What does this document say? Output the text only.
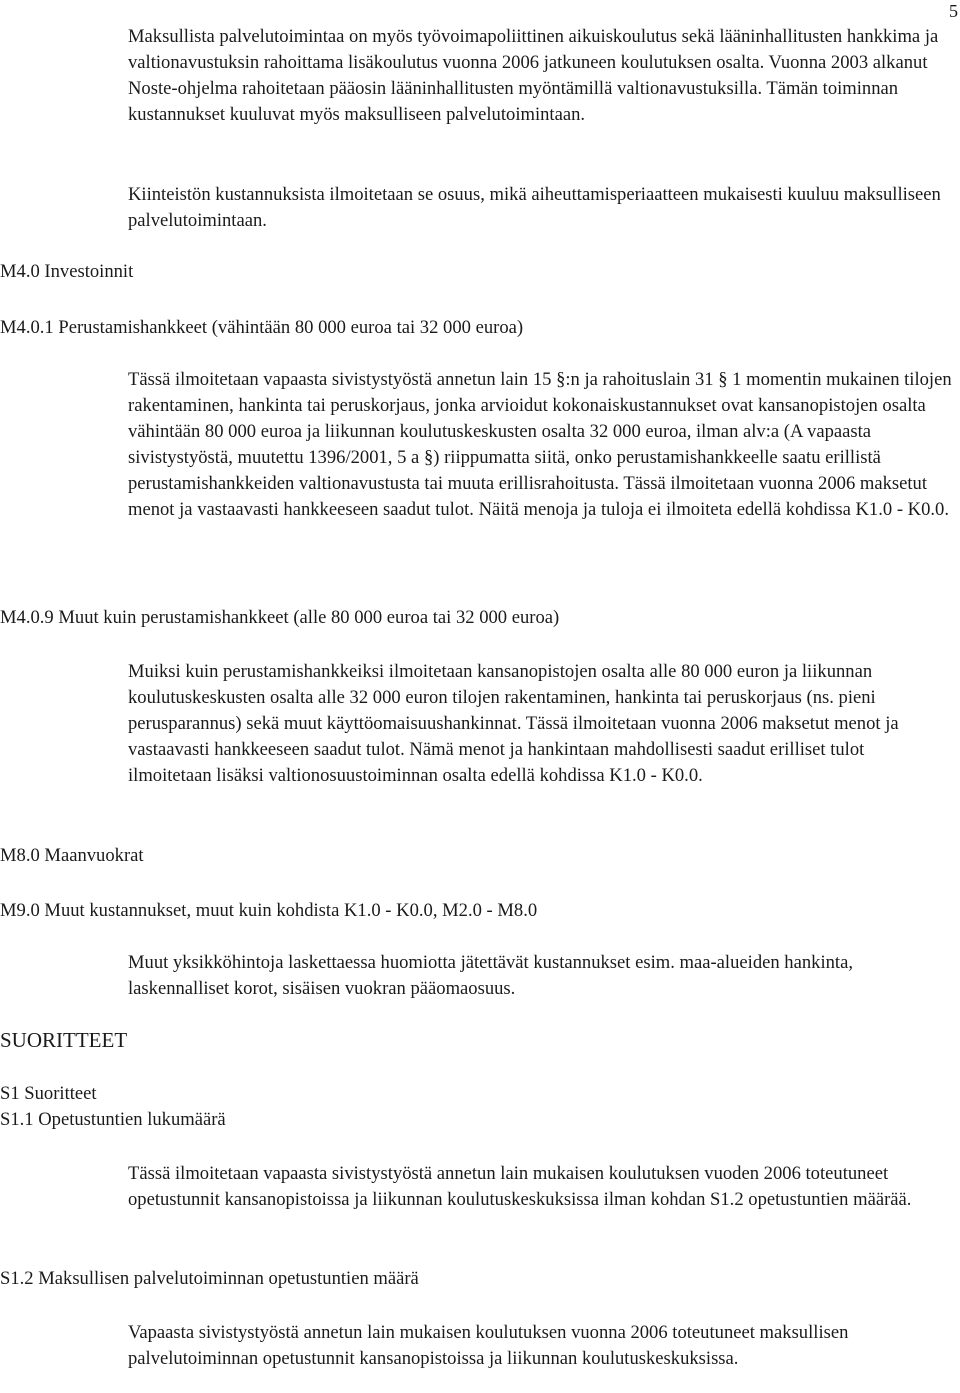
5

Maksullista palvelutoimintaa on myös työvoimapoliittinen aikuiskoulutus sekä lääninhallitusten hankkima ja valtionavustuksin rahoittama lisäkoulutus vuonna 2006 jatkuneen koulutuksen osalta. Vuonna 2003 alkanut Noste-ohjelma rahoitetaan pääosin lääninhallitusten myöntämillä valtionavustuksilla. Tämän toiminnan kustannukset kuuluvat myös maksulliseen palvelutoimintaan.

Kiinteistön kustannuksista ilmoitetaan se osuus, mikä aiheuttamisperiaatteen mukaisesti kuuluu maksulliseen palvelutoimintaan.

M4.0 Investoinnit
M4.0.1 Perustamishankkeet (vähintään 80 000 euroa tai 32 000 euroa)

Tässä ilmoitetaan vapaasta sivistystyöstä annetun lain 15 §:n ja rahoituslain 31 § 1 momentin mukainen tilojen rakentaminen, hankinta tai peruskorjaus, jonka arvioidut kokonaiskustannukset ovat kansanopistojen osalta vähintään 80 000 euroa ja liikunnan koulutuskeskusten osalta 32 000 euroa, ilman alv:a (A vapaasta sivistystyöstä, muutettu 1396/2001, 5 a §) riippumatta siitä, onko perustamishankkeelle saatu erillistä perustamishankkeiden valtionavustusta tai muuta erillisrahoitusta. Tässä ilmoitetaan vuonna 2006 maksetut menot ja vastaavasti hankkeeseen saadut tulot. Näitä menoja ja tuloja ei ilmoiteta edellä kohdissa K1.0 - K0.0.

M4.0.9 Muut kuin perustamishankkeet (alle 80 000 euroa tai 32 000 euroa)

Muiksi kuin perustamishankkeiksi ilmoitetaan kansanopistojen osalta alle 80 000 euron ja liikunnan koulutuskeskusten osalta alle 32 000 euron tilojen rakentaminen, hankinta tai peruskorjaus (ns. pieni perusparannus) sekä muut käyttöomaisuushankinnat. Tässä ilmoitetaan vuonna 2006 maksetut menot ja vastaavasti hankkeeseen saadut tulot. Nämä menot ja hankintaan mahdollisesti saadut erilliset tulot ilmoitetaan lisäksi valtionosuustoiminnan osalta edellä kohdissa K1.0 - K0.0.

M8.0 Maanvuokrat
M9.0 Muut kustannukset, muut kuin kohdista K1.0 - K0.0, M2.0 - M8.0

Muut yksikköhintoja laskettaessa huomiotta jätettävät kustannukset esim. maa-alueiden hankinta, laskennalliset korot, sisäisen vuokran pääomaosuus.

SUORITTEET
S1 Suoritteet
S1.1 Opetustuntien lukumäärä

Tässä ilmoitetaan vapaasta sivistystyöstä annetun lain mukaisen koulutuksen vuoden 2006 toteutuneet opetustunnit kansanopistoissa ja liikunnan koulutuskeskuksissa ilman kohdan S1.2 opetustuntien määrää.

S1.2 Maksullisen palvelutoiminnan opetustuntien määrä

Vapaasta sivistystyöstä annetun lain mukaisen koulutuksen vuonna 2006 toteutuneet maksullisen palvelutoiminnan opetustunnit kansanopistoissa ja liikunnan koulutuskeskuksissa.
